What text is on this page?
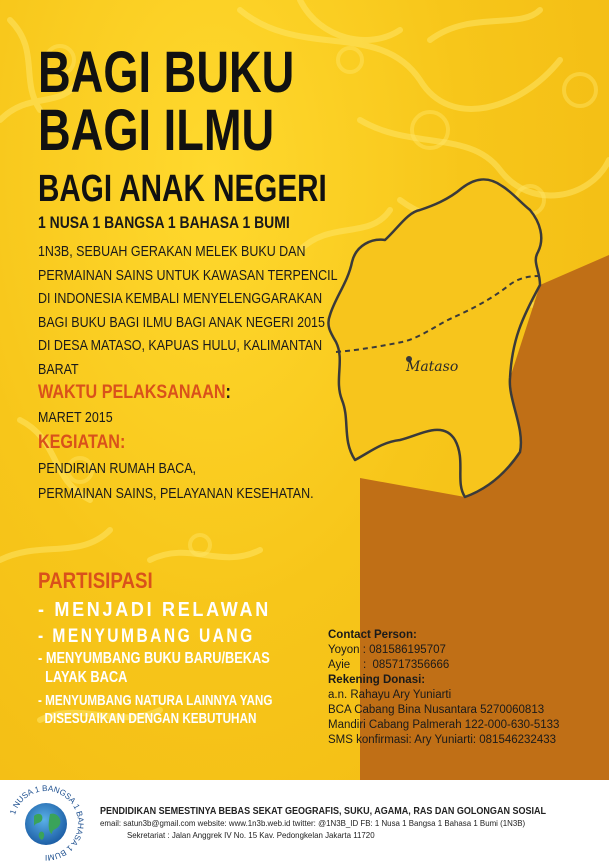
Mataso
BAGI BUKU
BAGI ILMU
BAGI ANAK NEGERI
1 NUSA 1 BANGSA 1 BAHASA 1 BUMI
1N3B, SEBUAH GERAKAN MELEK BUKU DAN
PERMAINAN SAINS UNTUK KAWASAN TERPENCIL
DI INDONESIA KEMBALI MENYELENGGARAKAN
BAGI BUKU BAGI ILMU BAGI ANAK NEGERI 2015
DI DESA MATASO, KAPUAS HULU, KALIMANTAN
BARAT
WAKTU PELAKSANAAN:
MARET 2015
KEGIATAN:
PENDIRIAN RUMAH BACA,
PERMAINAN SAINS, PELAYANAN KESEHATAN.
PARTISIPASI
- MENJADI RELAWAN
- MENYUMBANG UANG
- MENYUMBANG BUKU BARU/BEKAS
LAYAK BACA
- MENYUMBANG NATURA LAINNYA YANG
DISESUAIKAN DENGAN KEBUTUHAN
Contact Person:
Yoyon : 081586195707
Ayie    :  085717356666
Rekening Donasi:
a.n. Rahayu Ary Yuniarti
BCA Cabang Bina Nusantara 5270060813
Mandiri Cabang Palmerah 122-000-630-5133
SMS konfirmasi: Ary Yuniarti: 081546232433
1 NUSA 1 BANGSA 1 BAHASA 1 BUMI
PENDIDIKAN SEMESTINYA BEBAS SEKAT GEOGRAFIS, SUKU, AGAMA, RAS DAN GOLONGAN SOSIAL
email: satun3b@gmail.com website: www.1n3b.web.id twitter: @1N3B_ID FB: 1 Nusa 1 Bangsa 1 Bahasa 1 Bumi (1N3B)
Sekretariat : Jalan Anggrek IV No. 15 Kav. Pedongkelan Jakarta 11720
